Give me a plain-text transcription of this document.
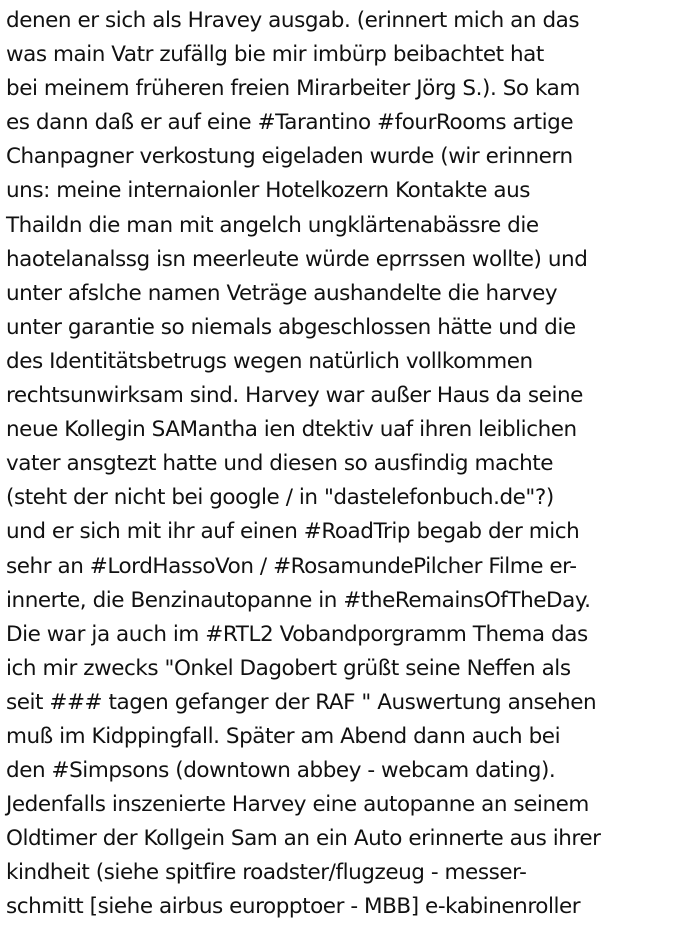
denen er sich als Hravey ausgab. (erinnert mich an das
was main Vatr zufällg bie mir imbürp beibachtet hat
bei meinem früheren freien Mirarbeiter Jörg S.). So kam
es dann daß er auf eine #Tarantino #fourRooms artige
Chanpagner verkostung eigeladen wurde (wir erinnern
uns: meine internaionler Hotelkozern Kontakte aus
Thaildn die man mit angelch ungklärtenabässre die
haotelanalssg isn meerleute würde eprrssen wollte) und
unter afslche namen Veträge aushandelte die harvey
unter garantie so niemals abgeschlossen hätte und die
des Identitätsbetrugs wegen natürlich vollkommen
rechtsunwirksam sind. Harvey war außer Haus da seine
neue Kollegin SAMantha ien dtektiv uaf ihren leiblichen
vater ansgtezt hatte und diesen so ausfindig machte
(steht der nicht bei google / in "dastelefonbuch.de"?)
und er sich mit ihr auf einen #RoadTrip begab der mich
sehr an #LordHassoVon / #RosamundePilcher Filme er-
innerte, die Benzinautopanne in #theRemainsOfTheDay.
Die war ja auch im #RTL2 Vobandporgramm Thema das
ich mir zwecks "Onkel Dagobert grüßt seine Neffen als
seit ### tagen gefanger der RAF " Auswertung ansehen
muß im Kidppingfall. Später am Abend dann auch bei
den #Simpsons (downtown abbey - webcam dating).
Jedenfalls inszenierte Harvey eine autopanne an seinem
Oldtimer der Kollgein Sam an ein Auto erinnerte aus ihrer
kindheit (siehe spitfire roadster/flugzeug - messer-
schmitt [siehe airbus europptoer - MBB] e-kabinenroller
